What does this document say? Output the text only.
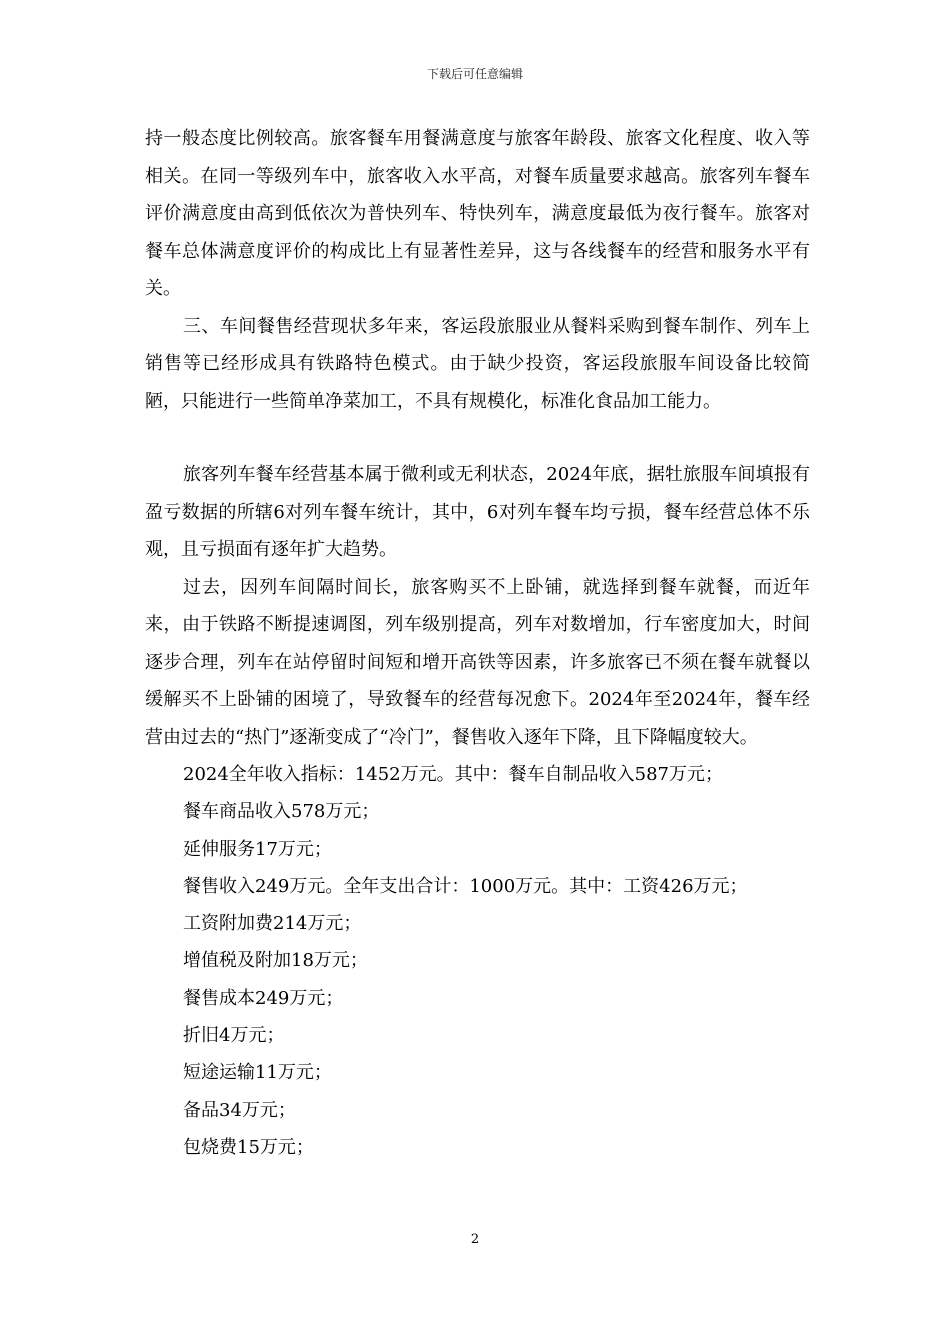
下载后可任意编辑

持一般态度比例较高。旅客餐车用餐满意度与旅客年龄段、旅客文化程度、收入等相关。在同一等级列车中，旅客收入水平高，对餐车质量要求越高。旅客列车餐车评价满意度由高到低依次为普快列车、特快列车，满意度最低为夜行餐车。旅客对餐车总体满意度评价的构成比上有显著性差异，这与各线餐车的经营和服务水平有关。

三、车间餐售经营现状多年来，客运段旅服业从餐料采购到餐车制作、列车上销售等已经形成具有铁路特色模式。由于缺少投资，客运段旅服车间设备比较简陋，只能进行一些简单净菜加工，不具有规模化，标准化食品加工能力。

旅客列车餐车经营基本属于微利或无利状态，2024年底，据牡旅服车间填报有盈亏数据的所辖6对列车餐车统计，其中，6对列车餐车均亏损，餐车经营总体不乐观，且亏损面有逐年扩大趋势。

过去，因列车间隔时间长，旅客购买不上卧铺，就选择到餐车就餐，而近年来，由于铁路不断提速调图，列车级别提高，列车对数增加，行车密度加大，时间逐步合理，列车在站停留时间短和增开高铁等因素，许多旅客已不须在餐车就餐以缓解买不上卧铺的困境了，导致餐车的经营每况愈下。2024年至2024年，餐车经营由过去的“热门”逐渐变成了“冷门”，餐售收入逐年下降，且下降幅度较大。

2024全年收入指标：1452万元。其中：餐车自制品收入587万元；

餐车商品收入578万元；

延伸服务17万元；

餐售收入249万元。全年支出合计：1000万元。其中：工资426万元；

工资附加费214万元；

增值税及附加18万元；

餐售成本249万元；

折旧4万元；

短途运输11万元；

备品34万元；

包烧费15万元；

2
